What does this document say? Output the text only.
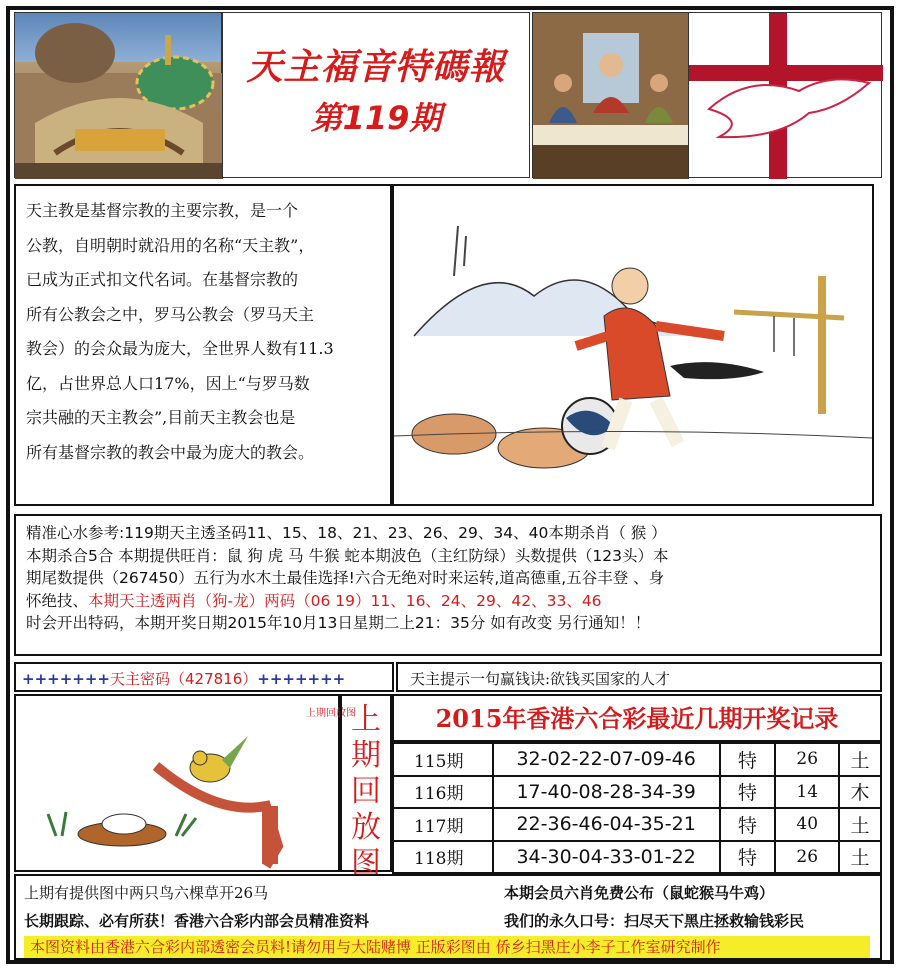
天主福音特碼報
第119期
天主教是基督宗教的主要宗教，是一个
公教，自明朝时就沿用的名称“天主教”，
已成为正式扣文代名词。在基督宗教的
所有公教会之中，罗马公教会（罗马天主
教会）的会众最为庞大，全世界人数有11.3
亿，占世界总人口17%，因上“与罗马数
宗共融的天主教会”,目前天主教会也是
所有基督宗教的教会中最为庞大的教会。
精准心水参考:119期天主透圣码11、15、18、21、23、26、29、34、40本期杀肖（ 猴 ）
本期杀合5合 本期提供旺肖：鼠 狗 虎 马 牛猴 蛇本期波色（主红防绿）头数提供（123头）本
期尾数提供（267450）五行为水木土最佳选择!六合无绝对时来运转,道高德重,五谷丰登 、身
怀绝技、本期天主透两肖（狗-龙）两码（06 19）11、16、24、29、42、33、46
时会开出特码，本期开奖日期2015年10月13日星期二上21：35分 如有改变 另行通知！！
+++++++天主密码（427816）+++++++	天主提示一句赢钱诀:欲钱买国家的人才
上期回放图
上
期
回
放
图
2015年香港六合彩最近几期开奖记录
115期	32-02-22-07-09-46	特	26	土
116期	17-40-08-28-34-39	特	14	木
117期	22-36-46-04-35-21	特	40	土
118期	34-30-04-33-01-22	特	26	土
上期有提供图中两只鸟六棵草开26马	本期会员六肖免费公布（鼠蛇猴马牛鸡）
长期跟踪、必有所获！香港六合彩内部会员精准资料	我们的永久口号：扫尽天下黑庄拯救输钱彩民
本图资料由香港六合彩内部透密会员料!请勿用与大陆赌博 正版彩图由 侨乡扫黑庄小李子工作室研究制作
